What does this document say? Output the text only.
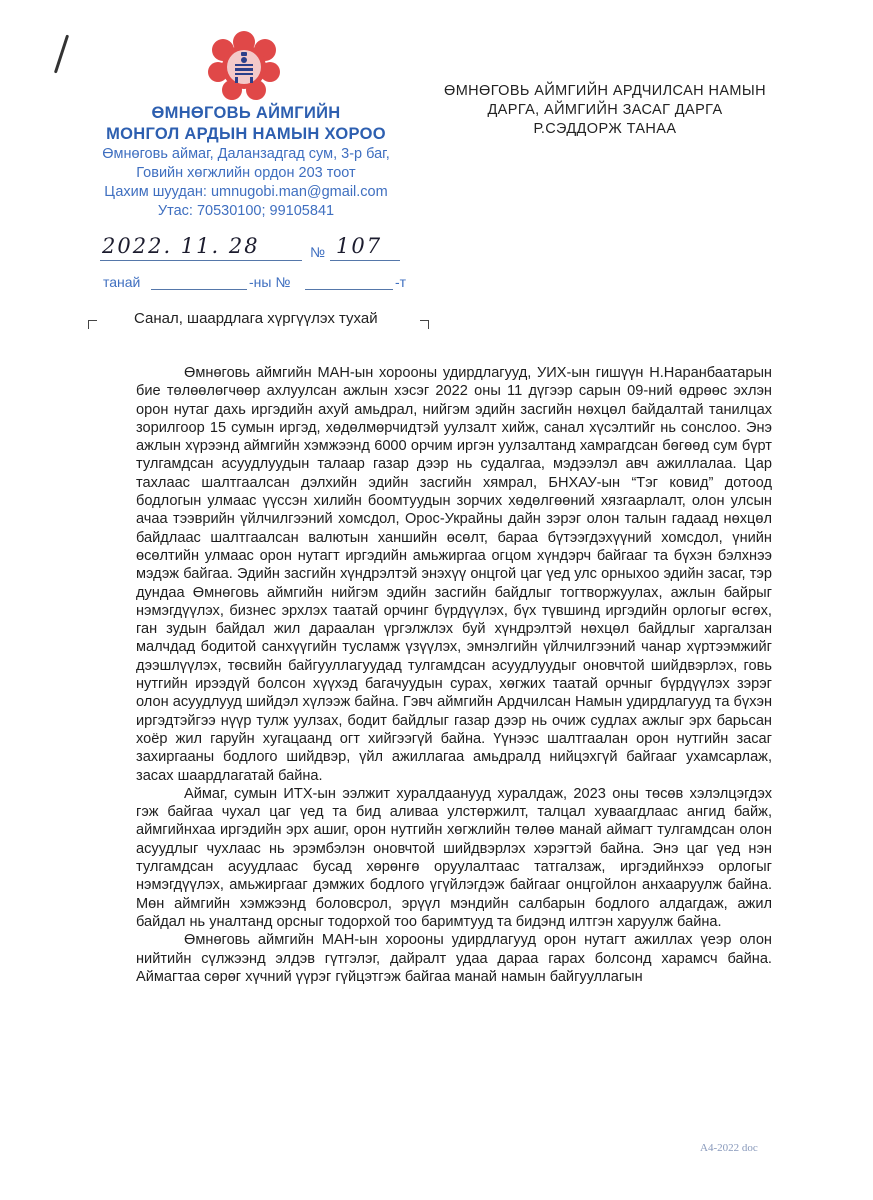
ӨМНӨГОВЬ АЙМГИЙН
МОНГОЛ АРДЫН НАМЫН ХОРОО
Өмнөговь аймаг, Даланзадгад сум, 3-р баг,
Говийн хөгжлийн ордон 203 тоот
Цахим шуудан: umnugobi.man@gmail.com
Утас: 70530100; 99105841
ӨМНӨГОВЬ АЙМГИЙН АРДЧИЛСАН НАМЫН
ДАРГА, АЙМГИЙН ЗАСАГ ДАРГА
Р.СЭДДОРЖ ТАНАА
2022. 11. 28	№ 107
танай	-ны №	-т
Санал, шаардлага хүргүүлэх тухай

Өмнөговь аймгийн МАН-ын хорооны удирдлагууд, УИХ-ын гишүүн Н.Наранбаатарын бие төлөөлөгчөөр ахлуулсан ажлын хэсэг 2022 оны 11 дүгээр сарын 09-ний өдрөөс эхлэн орон нутаг дахь иргэдийн ахуй амьдрал, нийгэм эдийн засгийн нөхцөл байдалтай танилцах зорилгоор 15 сумын иргэд, хөдөлмөрчидтэй уулзалт хийж, санал хүсэлтийг нь сонслоо. Энэ ажлын хүрээнд аймгийн хэмжээнд 6000 орчим иргэн уулзалтанд хамрагдсан бөгөөд сум бүрт тулгамдсан асуудлуудын талаар газар дээр нь судалгаа, мэдээлэл авч ажиллалаа. Цар тахлаас шалтгаалсан дэлхийн эдийн засгийн хямрал, БНХАУ-ын “Тэг ковид” дотоод бодлогын улмаас үүссэн хилийн боомтуудын зорчих хөдөлгөөний хязгаарлалт, олон улсын ачаа тээврийн үйлчилгээний хомсдол, Орос-Украйны дайн зэрэг олон талын гадаад нөхцөл байдлаас шалтгаалсан валютын ханшийн өсөлт, бараа бүтээгдэхүүний хомсдол, үнийн өсөлтийн улмаас орон нутагт иргэдийн амьжиргаа огцом хүндэрч байгааг та бүхэн бэлхнээ мэдэж байгаа. Эдийн засгийн хүндрэлтэй энэхүү онцгой цаг үед улс орныхоо эдийн засаг, тэр дундаа Өмнөговь аймгийн нийгэм эдийн засгийн байдлыг тогтворжуулах, ажлын байрыг нэмэгдүүлэх, бизнес эрхлэх таатай орчинг бүрдүүлэх, бүх түвшинд иргэдийн орлогыг өсгөх, ган зудын байдал жил дараалан үргэлжлэх буй хүндрэлтэй нөхцөл байдлыг харгалзан малчдад бодитой санхүүгийн тусламж үзүүлэх, эмнэлгийн үйлчилгээний чанар хүртээмжийг дээшлүүлэх, төсвийн байгууллагуудад тулгамдсан асуудлуудыг оновчтой шийдвэрлэх, говь нутгийн ирээдүй болсон хүүхэд багачуудын сурах, хөгжих таатай орчныг бүрдүүлэх зэрэг олон асуудлууд шийдэл хүлээж байна. Гэвч аймгийн Ардчилсан Намын удирдлагууд та бүхэн иргэдтэйгээ нүүр тулж уулзах, бодит байдлыг газар дээр нь очиж судлах ажлыг эрх барьсан хоёр жил гаруйн хугацаанд огт хийгээгүй байна. Үүнээс шалтгаалан орон нутгийн засаг захиргааны бодлого шийдвэр, үйл ажиллагаа амьдралд нийцэхгүй байгааг ухамсарлаж, засах шаардлагатай байна.

Аймаг, сумын ИТХ-ын ээлжит хуралдаанууд хуралдаж, 2023 оны төсөв хэлэлцэгдэх гэж байгаа чухал цаг үед та бид аливаа улстөржилт, талцал хуваагдлаас ангид байж, аймгийнхаа иргэдийн эрх ашиг, орон нутгийн хөгжлийн төлөө манай аймагт тулгамдсан олон асуудлыг чухлаас нь эрэмбэлэн оновчтой шийдвэрлэх хэрэгтэй байна. Энэ цаг үед нэн тулгамдсан асуудлаас бусад хөрөнгө оруулалтаас татгалзаж, иргэдийнхээ орлогыг нэмэгдүүлэх, амьжиргааг дэмжих бодлого үгүйлэгдэж байгааг онцгойлон анхааруулж байна. Мөн аймгийн хэмжээнд боловсрол, эрүүл мэндийн салбарын бодлого алдагдаж, ажил байдал нь уналтанд орсныг тодорхой тоо баримтууд та бидэнд илтгэн харуулж байна.

Өмнөговь аймгийн МАН-ын хорооны удирдлагууд орон нутагт ажиллах үеэр олон нийтийн сүлжээнд элдэв гүтгэлэг, дайралт удаа дараа гарах болсонд харамсч байна. Аймагтаа сөрөг хүчний үүрэг гүйцэтгэж байгаа манай намын байгууллагын

A4-2022 doc
